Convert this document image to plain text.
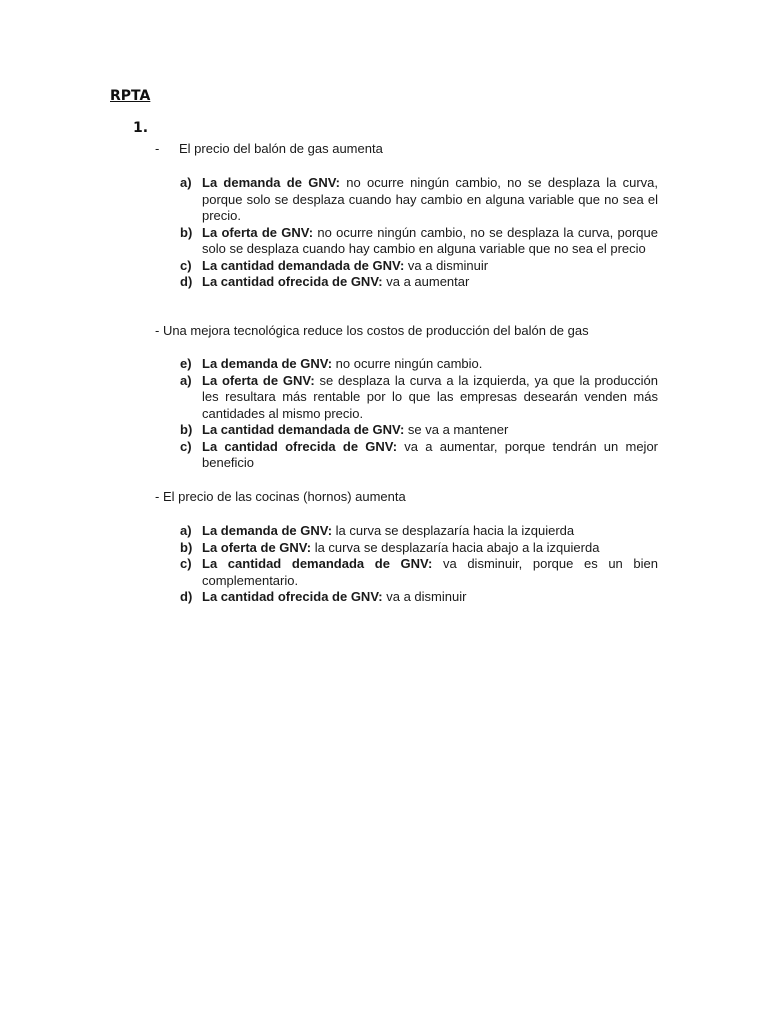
RPTA
1.
- El precio del balón de gas aumenta
a) La demanda de GNV: no ocurre ningún cambio, no se desplaza la curva, porque solo se desplaza cuando hay cambio en alguna variable que no sea el precio.
b) La oferta de GNV: no ocurre ningún cambio, no se desplaza la curva, porque solo se desplaza cuando hay cambio en alguna variable que no sea el precio
c) La cantidad demandada de GNV: va a disminuir
d) La cantidad ofrecida de GNV: va a aumentar
- Una mejora tecnológica reduce los costos de producción del balón de gas
e) La demanda de GNV: no ocurre ningún cambio.
a) La oferta de GNV: se desplaza la curva a la izquierda, ya que la producción les resultara más rentable por lo que las empresas desearán venden más cantidades al mismo precio.
b) La cantidad demandada de GNV: se va a mantener
c) La cantidad ofrecida de GNV: va a aumentar, porque tendrán un mejor beneficio
- El precio de las cocinas (hornos) aumenta
a) La demanda de GNV: la curva se desplazaría hacia la izquierda
b) La oferta de GNV: la curva se desplazaría hacia abajo a la izquierda
c) La cantidad demandada de GNV: va disminuir, porque es un bien complementario.
d) La cantidad ofrecida de GNV: va a disminuir
